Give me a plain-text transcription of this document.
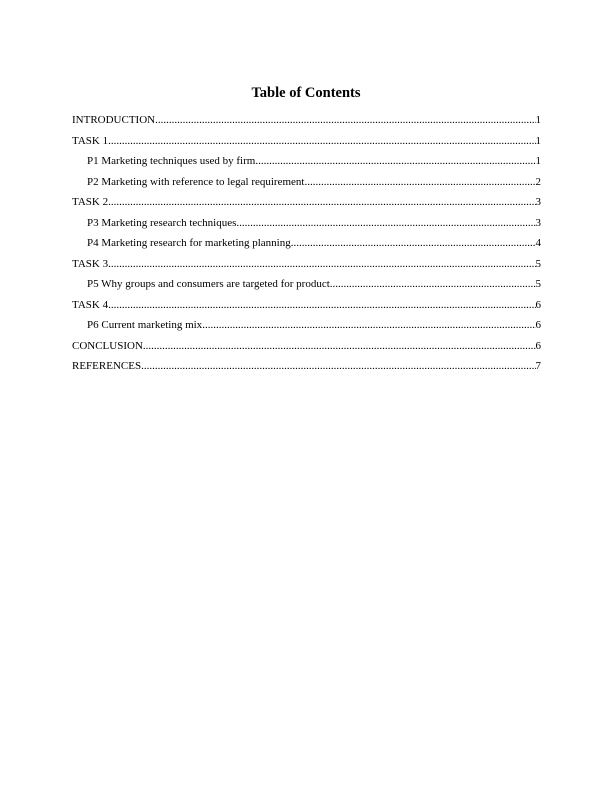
Table of Contents
INTRODUCTION .....	1
TASK 1 .....	1
P1 Marketing techniques used by firm .....	1
P2 Marketing with reference to legal requirement .....	2
TASK 2 .....	3
P3 Marketing research techniques .....	3
P4 Marketing research for marketing planning .....	4
TASK 3 .....	5
P5 Why groups and consumers are targeted for product .....	5
TASK 4 .....	6
P6 Current marketing mix .....	6
CONCLUSION .....	6
REFERENCES .....	7
